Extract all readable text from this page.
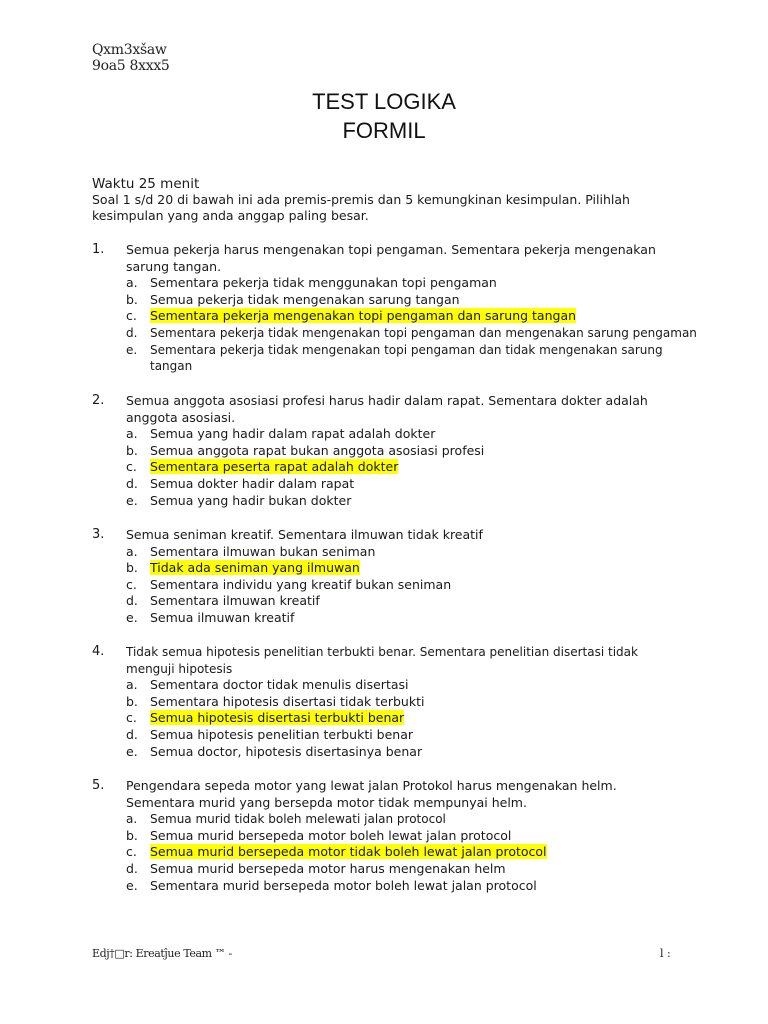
Qxm3xšaw 9oa5 8xxx5
TEST LOGIKA
FORMIL
Waktu 25 menit
Soal 1 s/d 20 di bawah ini ada premis-premis dan 5 kemungkinan kesimpulan. Pilihlah kesimpulan yang anda anggap paling besar.
1.	Semua pekerja harus mengenakan topi pengaman. Sementara pekerja mengenakan sarung tangan.
a. Sementara pekerja tidak menggunakan topi pengaman
b. Semua pekerja tidak mengenakan sarung tangan
c. Sementara pekerja mengenakan topi pengaman dan sarung tangan
d. Sementara pekerja tidak mengenakan topi pengaman dan mengenakan sarung pengaman
e. Sementara pekerja tidak mengenakan topi pengaman dan tidak mengenakan sarung tangan
2.	Semua anggota asosiasi profesi harus hadir dalam rapat. Sementara dokter adalah anggota asosiasi.
a. Semua yang hadir dalam rapat adalah dokter
b. Semua anggota rapat bukan anggota asosiasi profesi
c. Sementara peserta rapat adalah dokter
d. Semua dokter hadir dalam rapat
e. Semua yang hadir bukan dokter
3.	Semua seniman kreatif. Sementara ilmuwan tidak kreatif
a. Sementara ilmuwan bukan seniman
b. Tidak ada seniman yang ilmuwan
c. Sementara individu yang kreatif bukan seniman
d. Sementara ilmuwan kreatif
e. Semua ilmuwan kreatif
4.	Tidak semua hipotesis penelitian terbukti benar. Sementara penelitian disertasi tidak menguji hipotesis
a. Sementara doctor tidak menulis disertasi
b. Sementara hipotesis disertasi tidak terbukti
c. Semua hipotesis disertasi terbukti benar
d. Semua hipotesis penelitian terbukti benar
e. Semua doctor, hipotesis disertasinya benar
5.	Pengendara sepeda motor yang lewat jalan Protokol harus mengenakan helm. Sementara murid yang bersepda motor tidak mempunyai helm.
a. Semua murid tidak boleh melewati jalan protocol
b. Semua murid bersepeda motor boleh lewat jalan protocol
c. Semua murid bersepeda motor tidak boleh lewat jalan protocol
d. Semua murid bersepeda motor harus mengenakan helm
e. Sementara murid bersepeda motor boleh lewat jalan protocol
Edj†□r: Ereatĵue Team ™ -	l :
